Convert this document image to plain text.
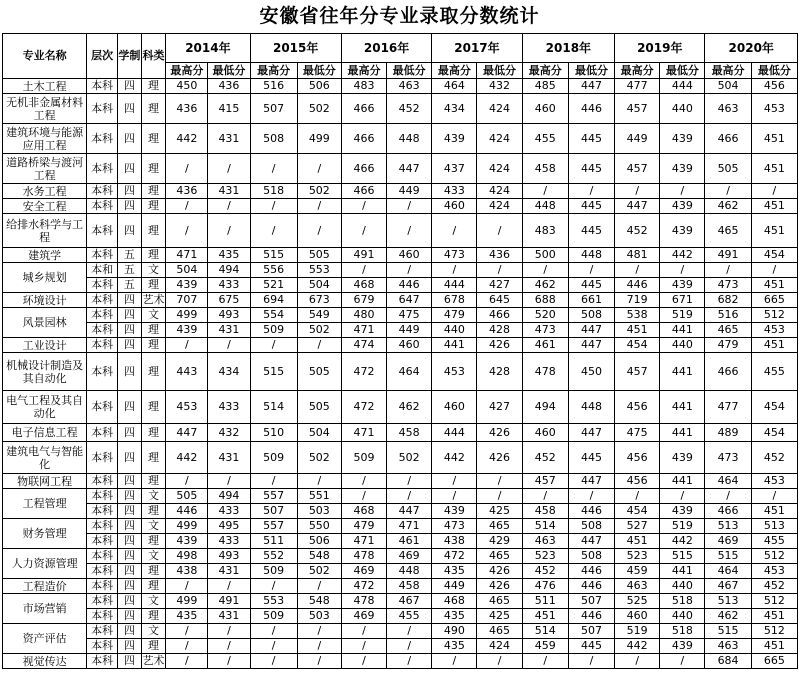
安徽省往年分专业录取分数统计
专业名称	层次	学制	科类	2014年		2015年		2016年		2017年		2018年		2019年		2020年	
				最高分	最低分	最高分	最低分	最高分	最低分	最高分	最低分	最高分	最低分	最高分	最低分	最高分	最低分
土木工程	本科	四	理	450	436	516	506	483	463	464	432	485	447	477	444	504	456
无机非金属材料工程	本科	四	理	436	415	507	502	466	452	434	424	460	446	457	440	463	453
建筑环境与能源应用工程	本科	四	理	442	431	508	499	466	448	439	424	455	445	449	439	466	451
道路桥梁与渡河工程	本科	四	理	/	/	/	/	466	447	437	424	458	445	457	439	505	451
水务工程	本科	四	理	436	431	518	502	466	449	433	424	/	/	/	/	/	/
安全工程	本科	四	理	/	/	/	/	/	/	460	424	448	445	447	439	462	451
给排水科学与工程	本科	四	理	/	/	/	/	/	/	/	/	483	445	452	439	465	451
建筑学	本科	五	理	471	435	515	505	491	460	473	436	500	448	481	442	491	454
城乡规划	本和	五	文	504	494	556	553	/	/	/	/	/	/	/	/	/	/
	本科	五	理	439	433	521	504	468	446	444	427	462	445	446	439	473	451
环境设计	本科	四	艺术	707	675	694	673	679	647	678	645	688	661	719	671	682	665
风景园林	本科	四	文	499	493	554	549	480	475	479	466	520	508	538	519	516	512
	本科	四	理	439	431	509	502	471	449	440	428	473	447	451	441	465	453
工业设计	本科	四	理	/	/	/	/	474	460	441	426	461	447	454	440	479	451
机械设计制造及其自动化	本科	四	理	443	434	515	505	472	464	453	428	478	450	457	441	466	455
电气工程及其自动化	本科	四	理	453	433	514	505	472	462	460	427	494	448	456	441	477	454
电子信息工程	本科	四	理	447	432	510	504	471	458	444	426	460	447	475	441	489	454
建筑电气与智能化	本科	四	理	442	431	509	502	509	502	442	426	452	445	456	439	473	452
物联网工程	本科	四	理	/	/	/	/	/	/	/	/	457	447	456	441	464	453
工程管理	本科	四	文	505	494	557	551	/	/	/	/	/	/	/	/	/	/
	本科	四	理	446	433	507	503	468	447	439	425	458	446	454	439	466	451
财务管理	本科	四	文	499	495	557	550	479	471	473	465	514	508	527	519	513	513
	本科	四	理	439	433	511	506	471	461	438	429	463	447	451	442	469	455
人力资源管理	本科	四	文	498	493	552	548	478	469	472	465	523	508	523	515	515	512
	本科	四	理	438	431	509	502	469	448	435	426	452	446	459	441	464	453
工程造价	本科	四	理	/	/	/	/	472	458	449	426	476	446	463	440	467	452
市场营销	本科	四	文	499	491	553	548	478	467	468	465	511	507	525	518	513	512
	本科	四	理	435	431	509	503	469	455	435	425	451	446	460	440	462	451
资产评估	本科	四	文	/	/	/	/	/	/	490	465	514	507	519	518	515	512
	本科	四	理	/	/	/	/	/	/	435	424	459	445	442	439	463	451
视觉传达	本科	四	艺术	/	/	/	/	/	/	/	/	/	/	/	/	684	665
